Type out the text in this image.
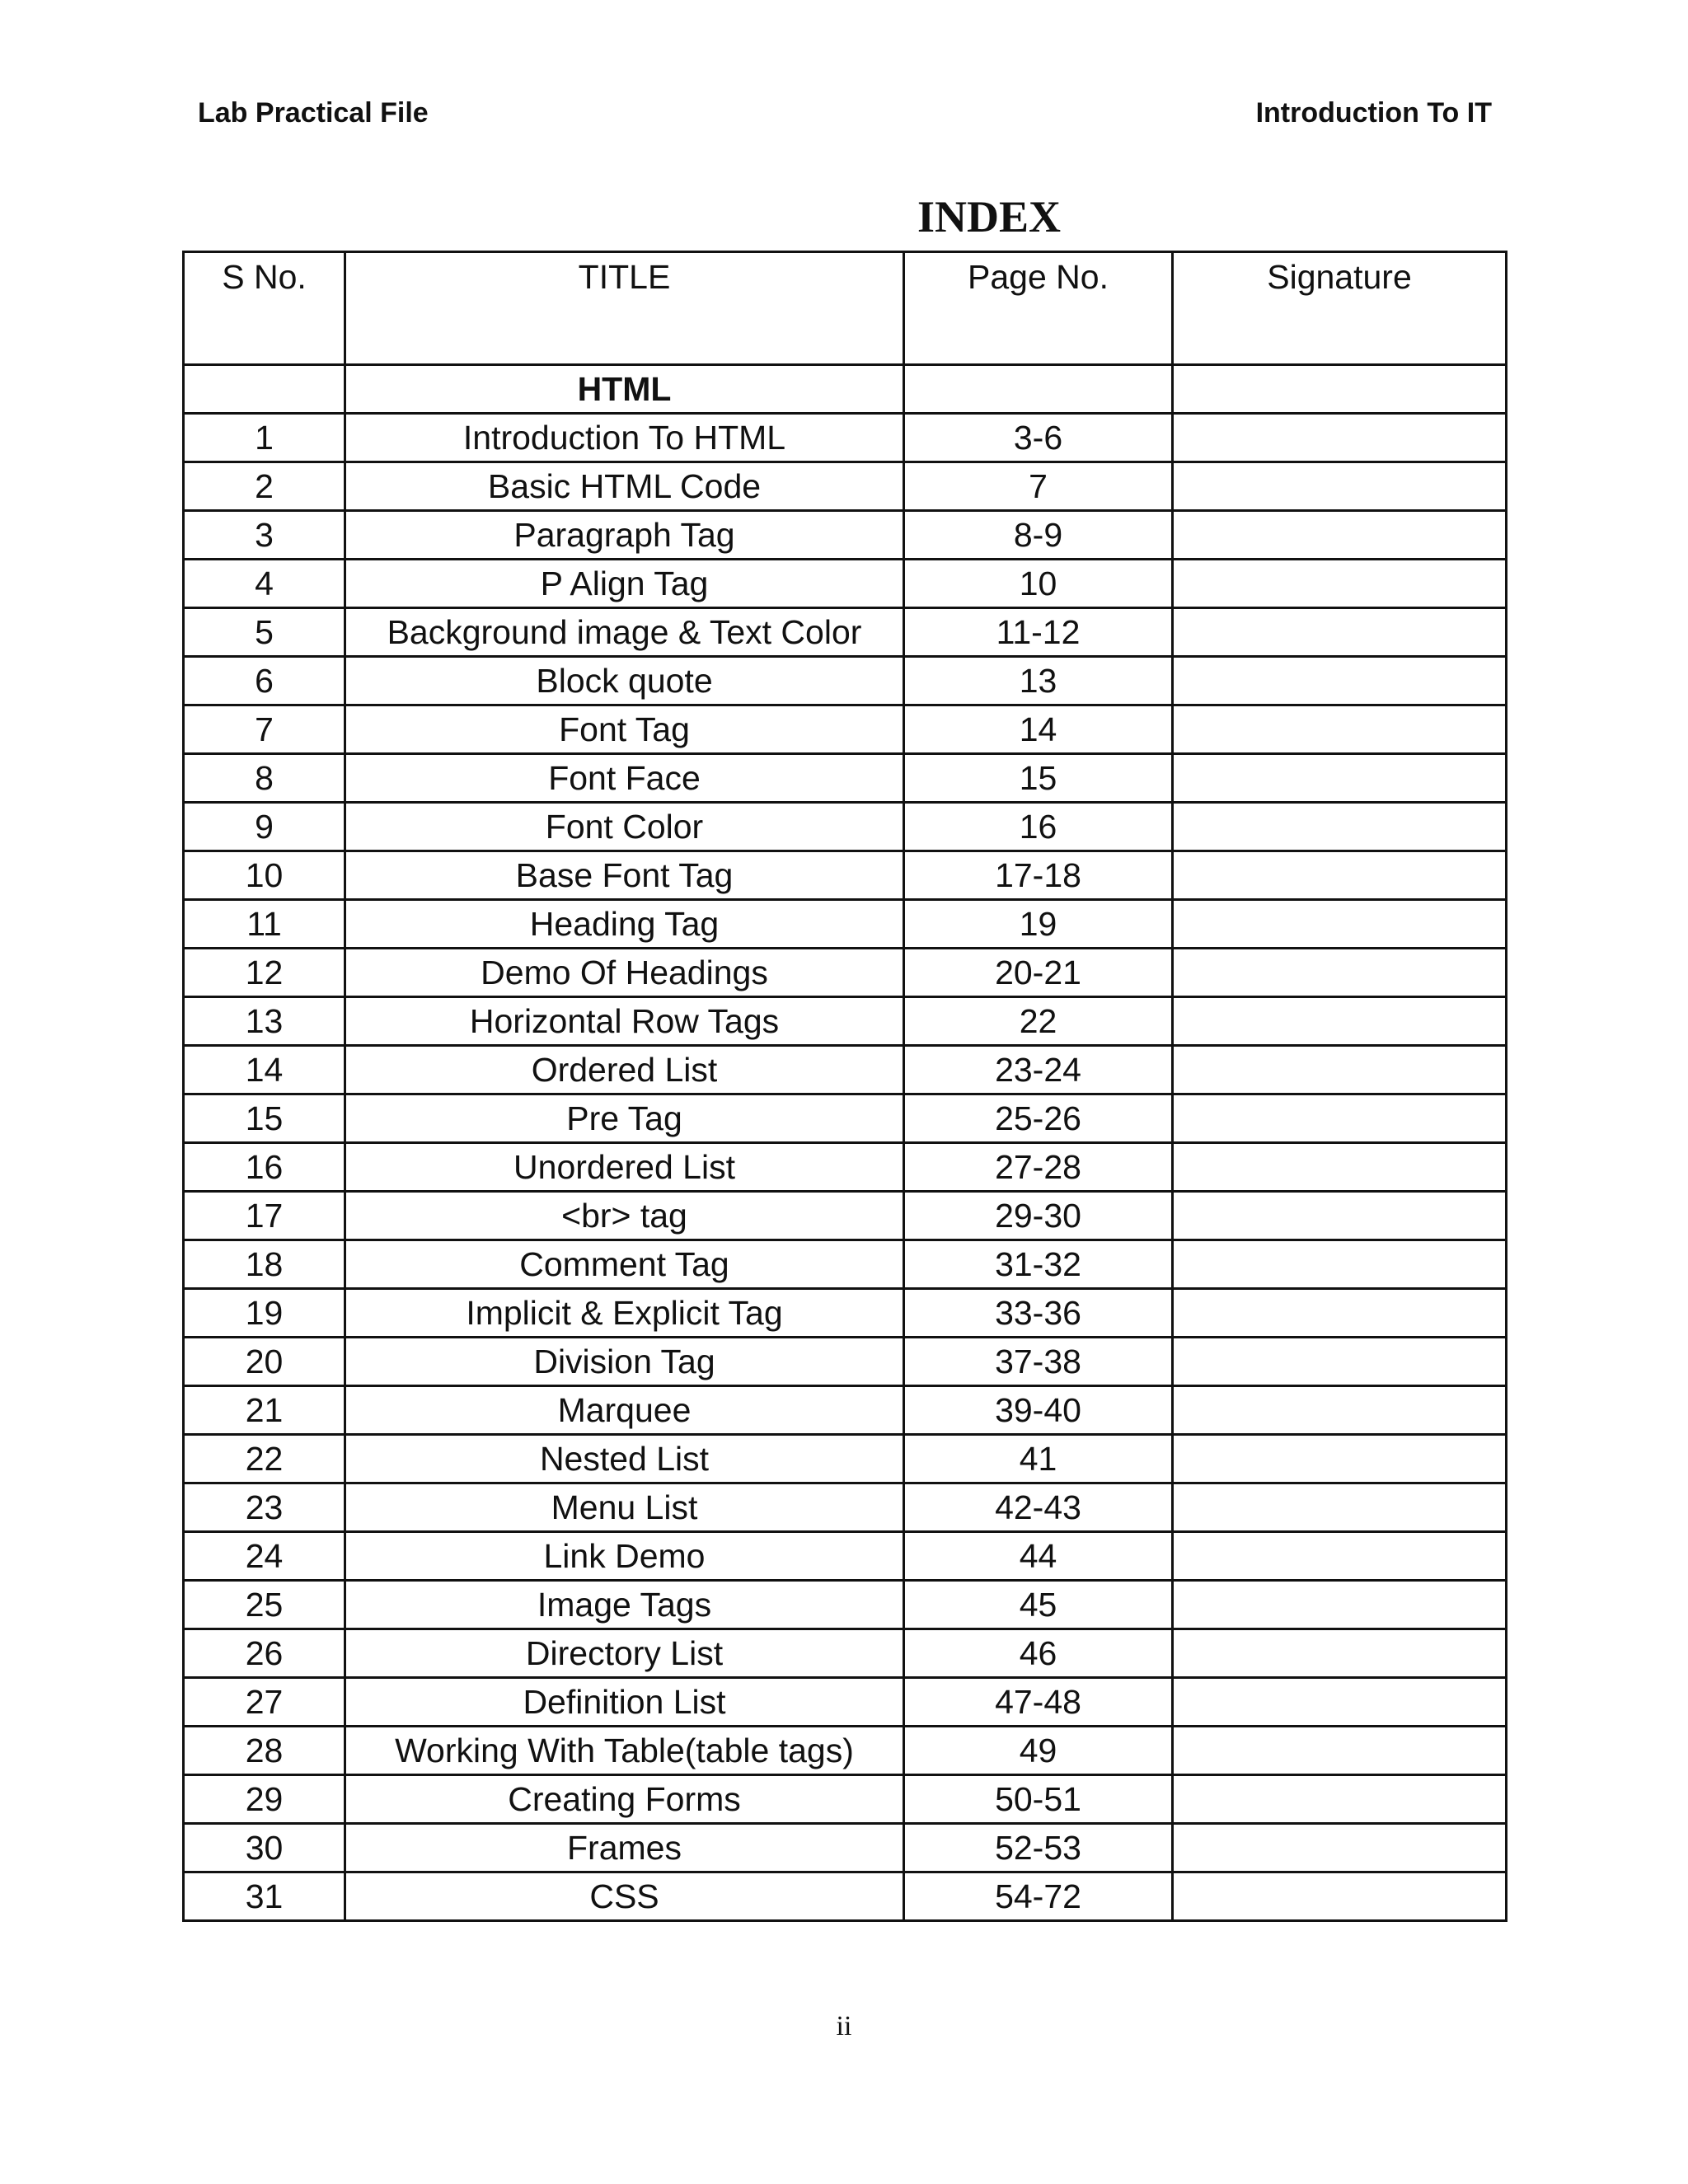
Lab Practical File	Introduction To IT
INDEX
S No.	TITLE	Page No.	Signature
	HTML		
1	Introduction To HTML	3-6	
2	Basic HTML Code	7	
3	Paragraph Tag	8-9	
4	P Align Tag	10	
5	Background image & Text Color	11-12	
6	Block quote	13	
7	Font Tag	14	
8	Font Face	15	
9	Font Color	16	
10	Base Font Tag	17-18	
11	Heading Tag	19	
12	Demo Of Headings	20-21	
13	Horizontal Row Tags	22	
14	Ordered List	23-24	
15	Pre Tag	25-26	
16	Unordered List	27-28	
17	<br> tag	29-30	
18	Comment Tag	31-32	
19	Implicit & Explicit Tag	33-36	
20	Division Tag	37-38	
21	Marquee	39-40	
22	Nested List	41	
23	Menu List	42-43	
24	Link Demo	44	
25	Image Tags	45	
26	Directory List	46	
27	Definition List	47-48	
28	Working With Table(table tags)	49	
29	Creating Forms	50-51	
30	Frames	52-53	
31	CSS	54-72	
ii
